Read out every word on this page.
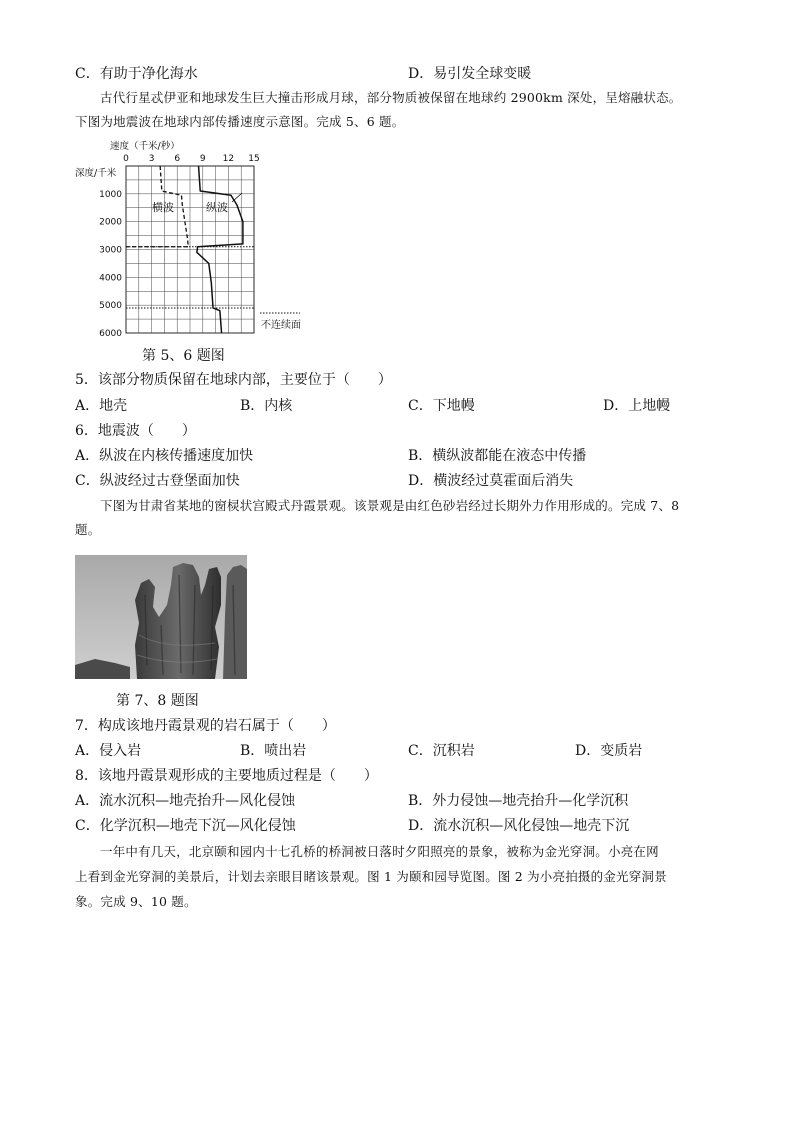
C．有助于净化海水	D．易引发全球变暖
古代行星忒伊亚和地球发生巨大撞击形成月球，部分物质被保留在地球约 2900km 深处，呈熔融状态。
下图为地震波在地球内部传播速度示意图。完成 5、6 题。
0 3 6 9 12 15
1000
2000
3000
4000
5000
6000
速度（千米/秒）
深度/千米
横波	纵波
不连续面
第 5、6 题图
5．该部分物质保留在地球内部，主要位于（　　）
A．地壳	B．内核	C．下地幔	D．上地幔
6．地震波（　　）
A．纵波在内核传播速度加快	B．横纵波都能在液态中传播
C．纵波经过古登堡面加快	D．横波经过莫霍面后消失
下图为甘肃省某地的窗棂状宫殿式丹霞景观。该景观是由红色砂岩经过长期外力作用形成的。完成 7、8
题。
第 7、8 题图
7．构成该地丹霞景观的岩石属于（　　）
A．侵入岩	B．喷出岩	C．沉积岩	D．变质岩
8．该地丹霞景观形成的主要地质过程是（　　）
A．流水沉积—地壳抬升—风化侵蚀	B．外力侵蚀—地壳抬升—化学沉积
C．化学沉积—地壳下沉—风化侵蚀	D．流水沉积—风化侵蚀—地壳下沉
一年中有几天，北京颐和园内十七孔桥的桥洞被日落时夕阳照亮的景象，被称为金光穿洞。小亮在网
上看到金光穿洞的美景后，计划去亲眼目睹该景观。图 1 为颐和园导览图。图 2 为小亮拍摄的金光穿洞景
象。完成 9、10 题。
